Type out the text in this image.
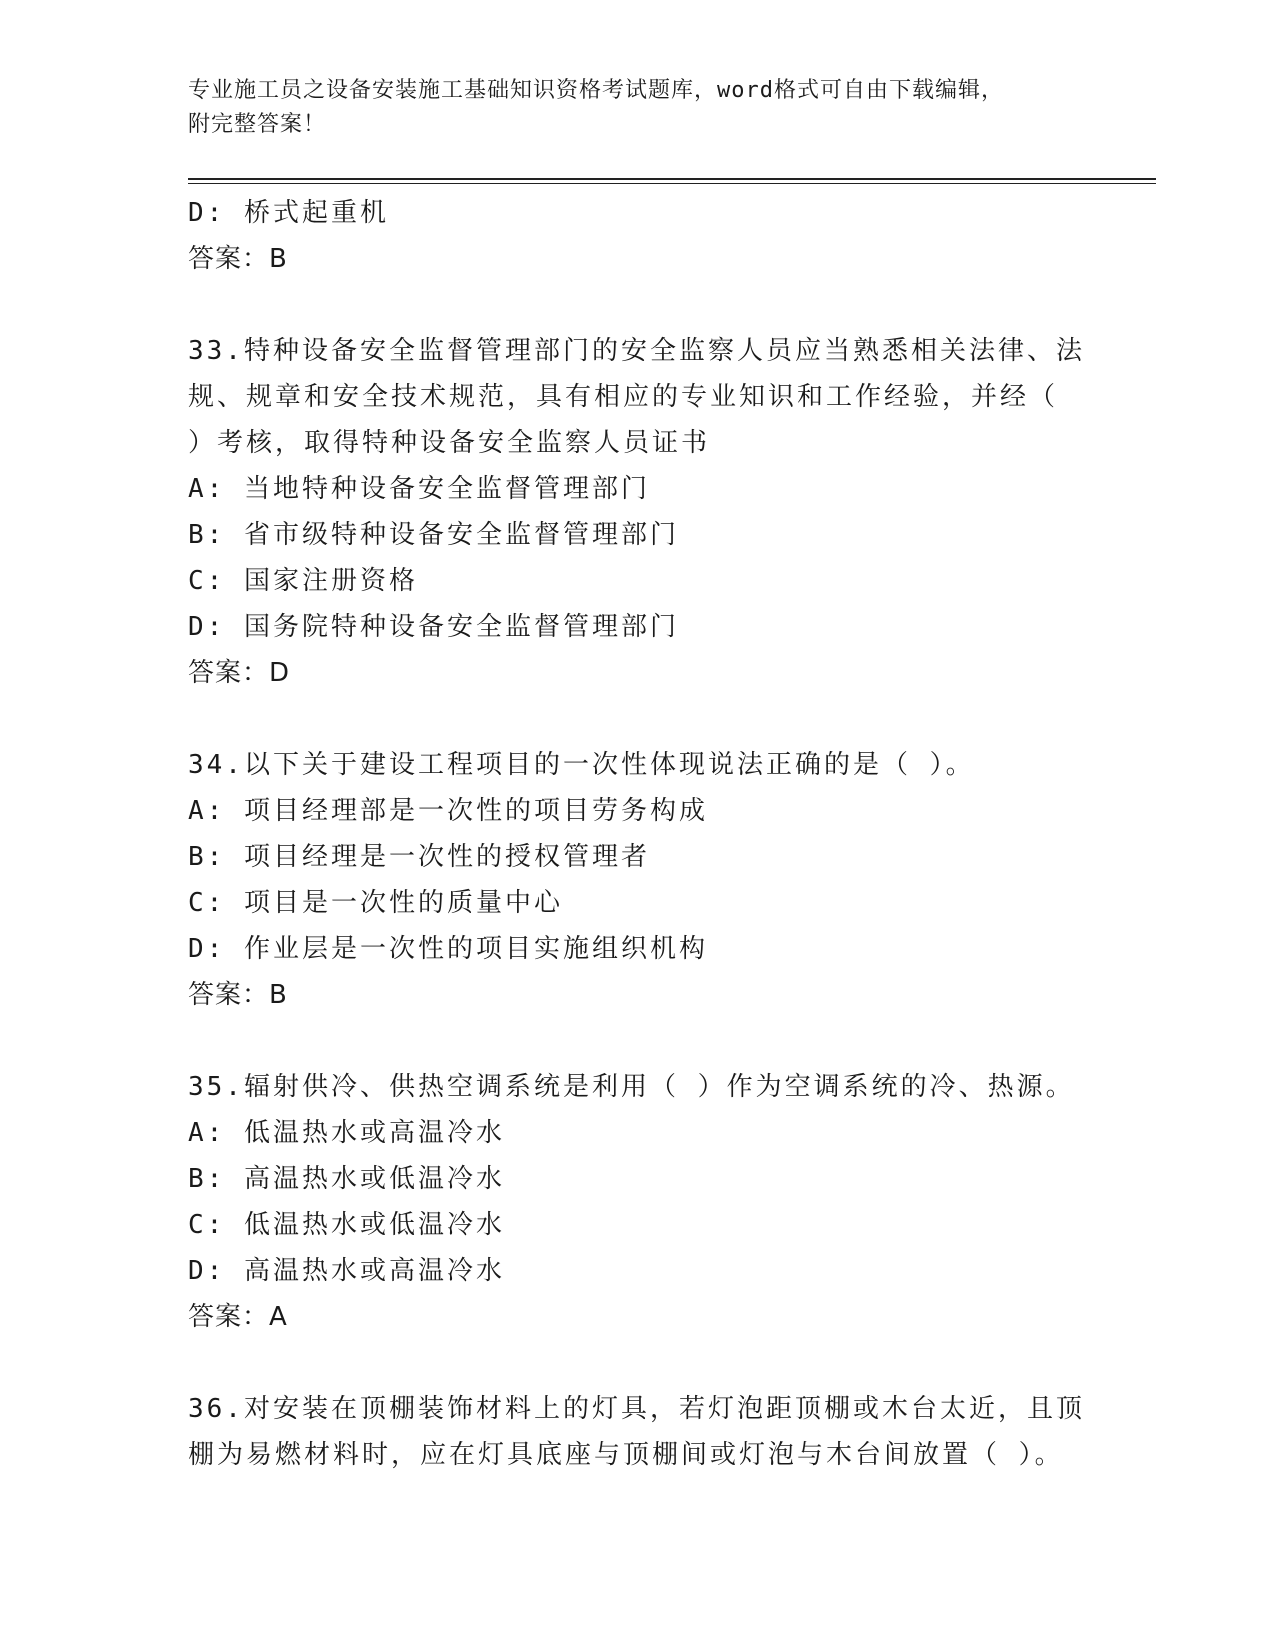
专业施工员之设备安装施工基础知识资格考试题库，word格式可自由下载编辑，
附完整答案！
D: 桥式起重机
答案：B
33.特种设备安全监督管理部门的安全监察人员应当熟悉相关法律、法
规、规章和安全技术规范，具有相应的专业知识和工作经验，并经（
）考核，取得特种设备安全监察人员证书
A: 当地特种设备安全监督管理部门
B: 省市级特种设备安全监督管理部门
C: 国家注册资格
D: 国务院特种设备安全监督管理部门
答案：D
34.以下关于建设工程项目的一次性体现说法正确的是（ ）。
A: 项目经理部是一次性的项目劳务构成
B: 项目经理是一次性的授权管理者
C: 项目是一次性的质量中心
D: 作业层是一次性的项目实施组织机构
答案：B
35.辐射供冷、供热空调系统是利用（ ）作为空调系统的冷、热源。
A: 低温热水或高温冷水
B: 高温热水或低温冷水
C: 低温热水或低温冷水
D: 高温热水或高温冷水
答案：A
36.对安装在顶棚装饰材料上的灯具，若灯泡距顶棚或木台太近，且顶
棚为易燃材料时，应在灯具底座与顶棚间或灯泡与木台间放置（ ）。
